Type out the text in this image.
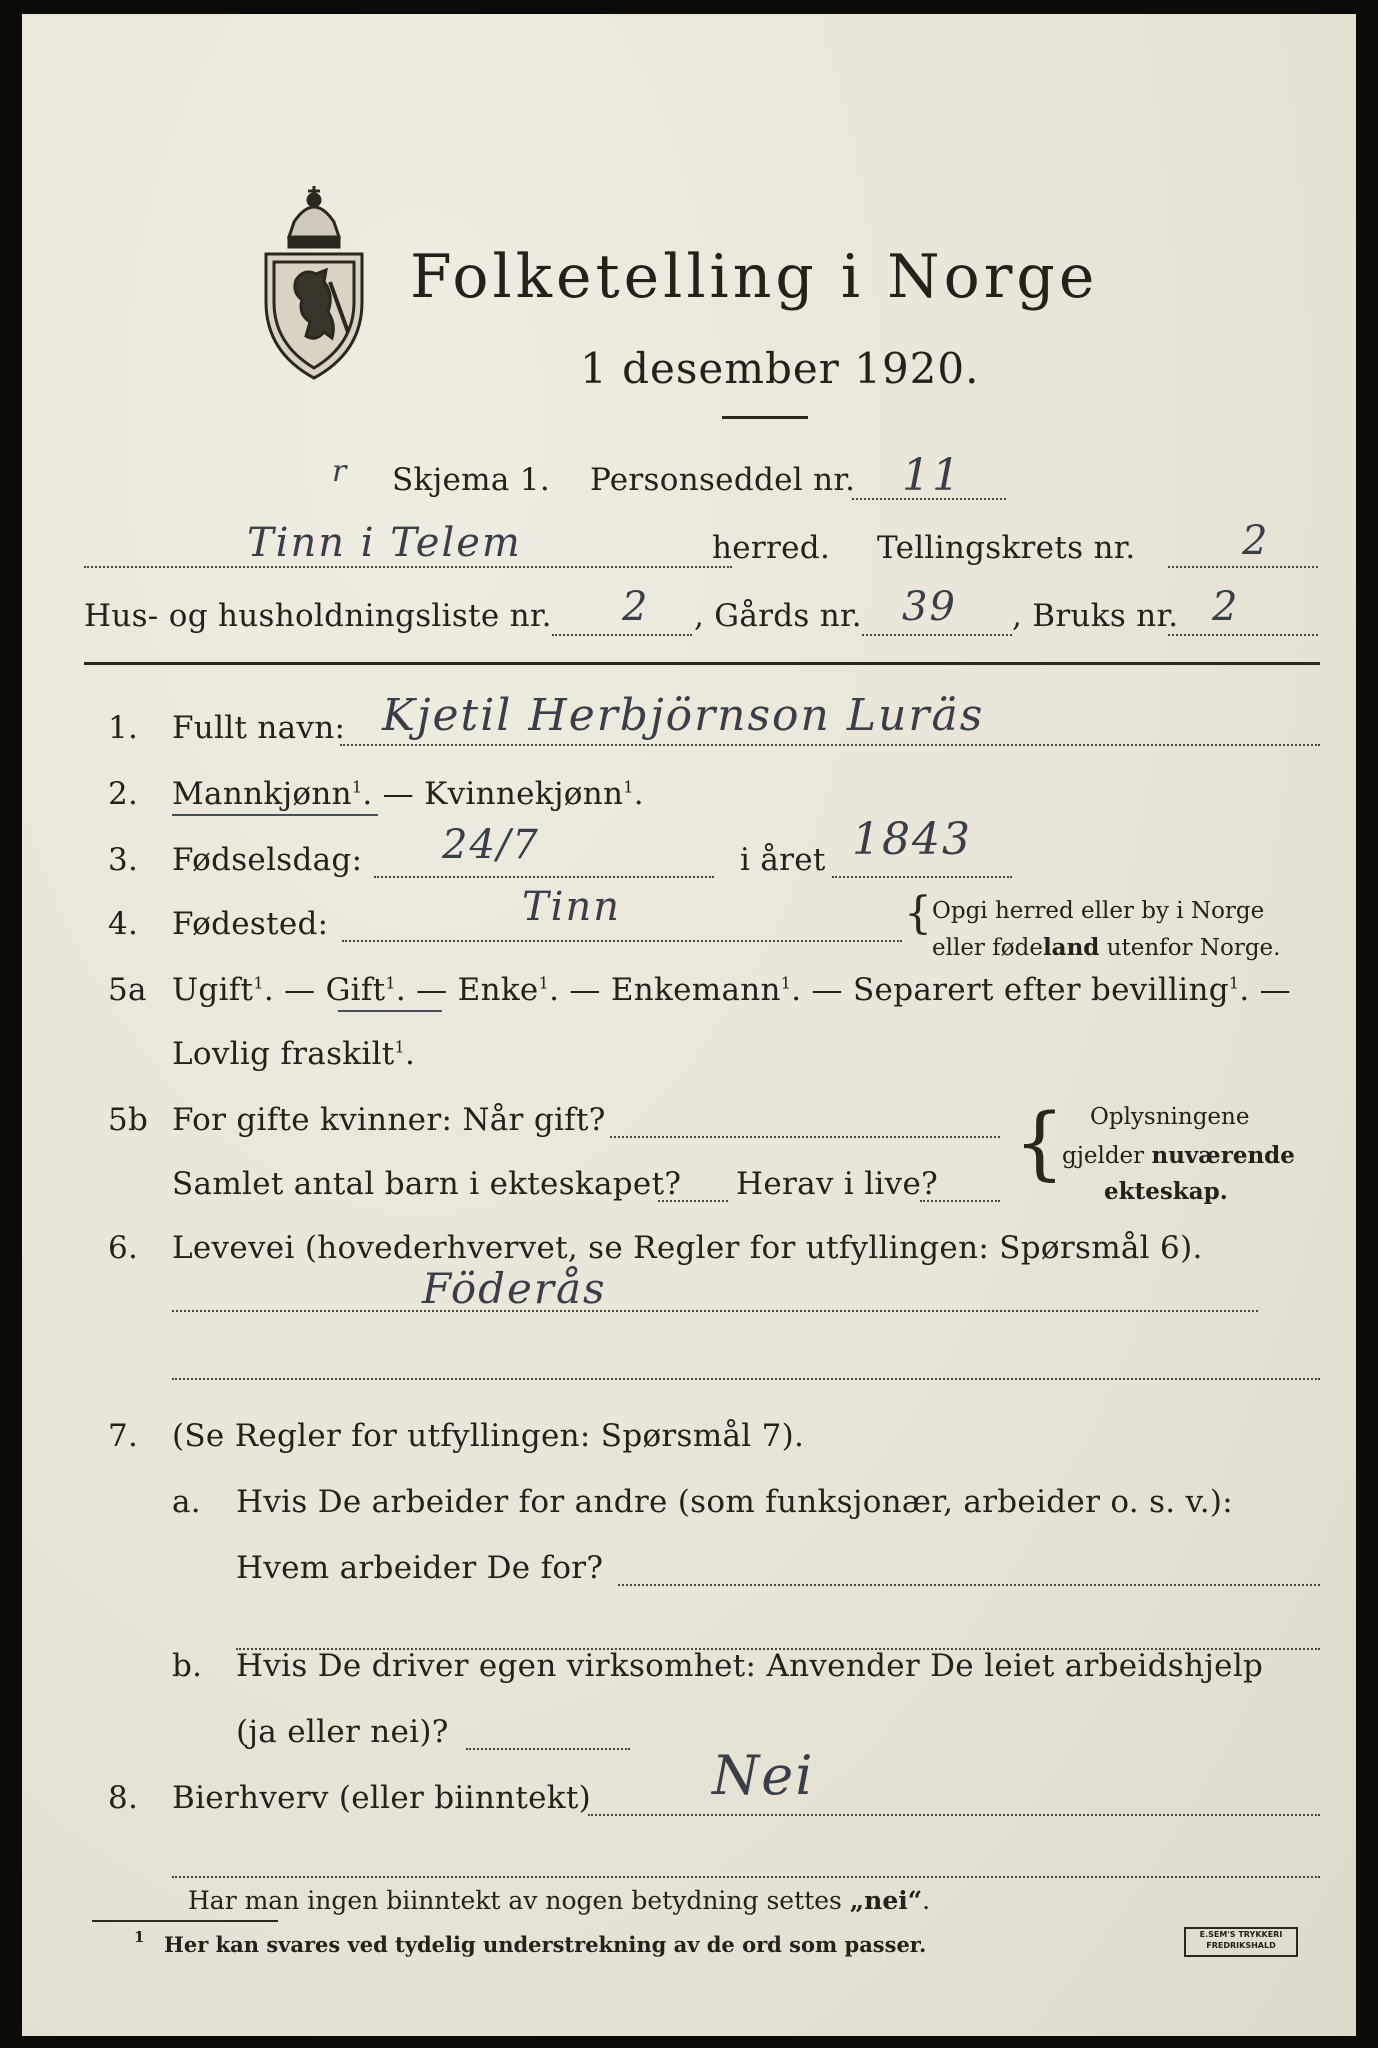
Folketelling i Norge
1 desember 1920.
r Skjema 1. Personseddel nr. 11
Tinn i Telem	herred. Tellingskrets nr.	2
Hus- og husholdningsliste nr. 2 , Gårds nr. 39 , Bruks nr. 2
1. Fullt navn: Kjetil Herbjörnson Luräs
2. Mannkjønn$^1$. — Kvinnekjønn$^1$.
3. Fødselsdag: 24/7	i året 1843
4. Fødested:	Tinn	{ Opgi herred eller by i Norge
eller fødeland utenfor Norge.
5a Ugift$^1$. — Gift$^1$. — Enke$^1$. — Enkemann$^1$. — Separert efter bevilling$^1$. —
Lovlig fraskilt$^1$.
5b For gifte kvinner: Når gift?
Samlet antal barn i ekteskapet? Herav i live? { Oplysningene
gjelder nuværende
ekteskap.
6. Levevei (hovederhvervet, se Regler for utfyllingen: Spørsmål 6).
Föderås
7. (Se Regler for utfyllingen: Spørsmål 7).
a. Hvis De arbeider for andre (som funksjonær, arbeider o. s. v.):
Hvem arbeider De for?
b. Hvis De driver egen virksomhet: Anvender De leiet arbeidshjelp
(ja eller nei)?
8. Bierhverv (eller biinntekt) Nei
Har man ingen biinntekt av nogen betydning settes „nei“.
1 Her kan svares ved tydelig understrekning av de ord som passer.	E.SEM'S TRYKKERI
FREDRIKSHALD
